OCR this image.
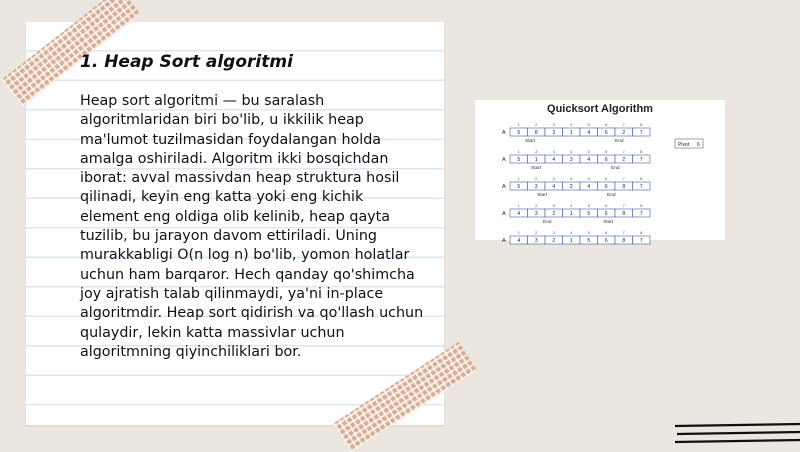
1. Heap Sort algoritmi

Heap sort algoritmi — bu saralash algoritmlaridan biri bo'lib, u ikkilik heap ma'lumot tuzilmasidan foydalangan holda amalga oshiriladi. Algoritm ikki bosqichdan iborat: avval massivdan heap struktura hosil qilinadi, keyin eng katta yoki eng kichik element eng oldiga olib kelinib, heap qayta tuzilib, bu jarayon davom ettiriladi. Uning murakkabligi O(n log n) bo'lib, yomon holatlar uchun ham barqaror. Hech qanday qo'shimcha joy ajratish talab qilinmaydi, ya'ni in-place algoritmdir. Heap sort qidirish va qo'llash uchun qulaydir, lekin katta massivlar uchun algoritmning qiyinchiliklari bor.

1	2	3	4	5	6	7	8
A 5	8	3	1	4	6	2	7
Start	End
1	2	3	4	5	6	7	8
A 5	1	4	3	4	6	2	7
Start	End
1	2	3	4	5	6	7	8
A 5	3	4	2	4	6	8	7
Start	End
1	2	3	4	5	6	7	8
A 4	3	2	1	5	6	8	7
End	Start
1	2	3	4	5	6	7	8
A 4	3	2	1	5	6	8	7
Pivot 6
Quicksort Algorithm
